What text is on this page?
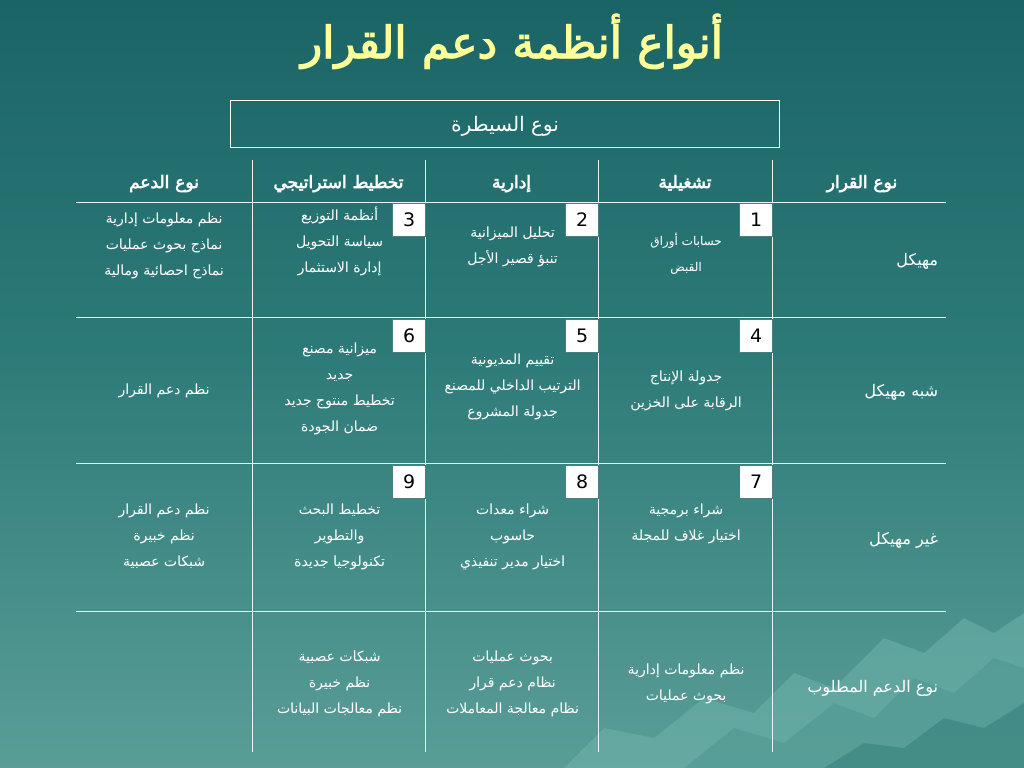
أنواع أنظمة دعم القرار
نوع السيطرة
نوع القرار
تشغيلية
إدارية
تخطيط استراتيجي
نوع الدعم
مهيكل
شبه مهيكل
غير مهيكل
نوع الدعم المطلوب
1
2
3
4
5
6
7
8
9
حسابات أوراق
القبض
تحليل الميزانية
تنبؤ قصير الأجل
أنظمة التوزيع
سياسة التحويل
إدارة الاستثمار
نظم معلومات إدارية
نماذج بحوث عمليات
نماذج احصائية ومالية
جدولة الإنتاج
الرقابة على الخزين
تقييم المديونية
الترتيب الداخلي للمصنع
جدولة المشروع
ميزانية مصنع
جديد
تخطيط منتوج جديد
ضمان الجودة
نظم دعم القرار
شراء برمجية
اختيار غلاف للمجلة
شراء معدات
حاسوب
اختيار مدير تنفيذي
تخطيط البحث
والتطوير
تكنولوجيا جديدة
نظم دعم القرار
نظم خبيرة
شبكات عصبية
نظم معلومات إدارية
بحوث عمليات
بحوث عمليات
نظام دعم قرار
نظام معالجة المعاملات
شبكات عصبية
نظم خبيرة
نظم معالجات البيانات
